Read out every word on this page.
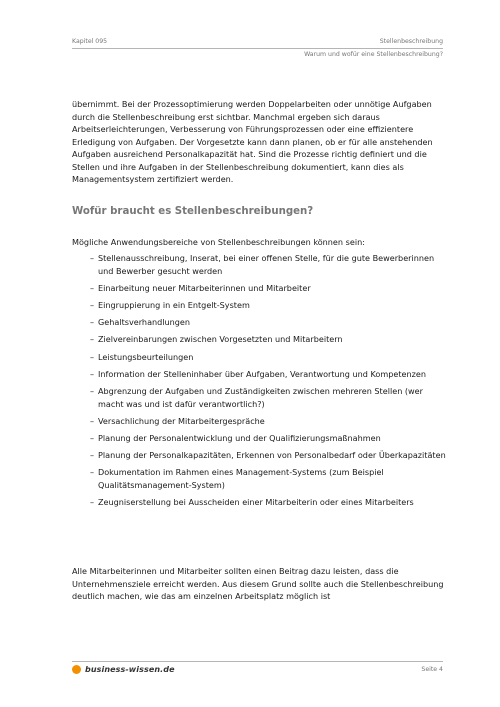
Kapitel 095	Stellenbeschreibung
Warum und wofür eine Stellenbeschreibung?
übernimmt. Bei der Prozessoptimierung werden Doppelarbeiten oder unnötige Aufgaben durch die Stellenbeschreibung erst sichtbar. Manchmal ergeben sich daraus Arbeitserleichterungen, Verbesserung von Führungsprozessen oder eine effizientere Erledigung von Aufgaben. Der Vorgesetzte kann dann planen, ob er für alle anstehenden Aufgaben ausreichend Personalkapazität hat. Sind die Prozesse richtig definiert und die Stellen und ihre Aufgaben in der Stellenbeschreibung dokumentiert, kann dies als Managementsystem zertifiziert werden.
Wofür braucht es Stellenbeschreibungen?
Mögliche Anwendungsbereiche von Stellenbeschreibungen können sein:
– Stellenausschreibung, Inserat, bei einer offenen Stelle, für die gute Bewerberinnen und Bewerber gesucht werden
– Einarbeitung neuer Mitarbeiterinnen und Mitarbeiter
– Eingruppierung in ein Entgelt-System
– Gehaltsverhandlungen
– Zielvereinbarungen zwischen Vorgesetzten und Mitarbeitern
– Leistungsbeurteilungen
– Information der Stelleninhaber über Aufgaben, Verantwortung und Kompetenzen
– Abgrenzung der Aufgaben und Zuständigkeiten zwischen mehreren Stellen (wer macht was und ist dafür verantwortlich?)
– Versachlichung der Mitarbeitergespräche
– Planung der Personalentwicklung und der Qualifizierungsmaßnahmen
– Planung der Personalkapazitäten, Erkennen von Personalbedarf oder Überkapazitäten
– Dokumentation im Rahmen eines Management-Systems (zum Beispiel Qualitätsmanagement-System)
– Zeugniserstellung bei Ausscheiden einer Mitarbeiterin oder eines Mitarbeiters
Alle Mitarbeiterinnen und Mitarbeiter sollten einen Beitrag dazu leisten, dass die Unternehmensziele erreicht werden. Aus diesem Grund sollte auch die Stellenbeschreibung deutlich machen, wie das am einzelnen Arbeitsplatz möglich ist
business-wissen.de	Seite 4
